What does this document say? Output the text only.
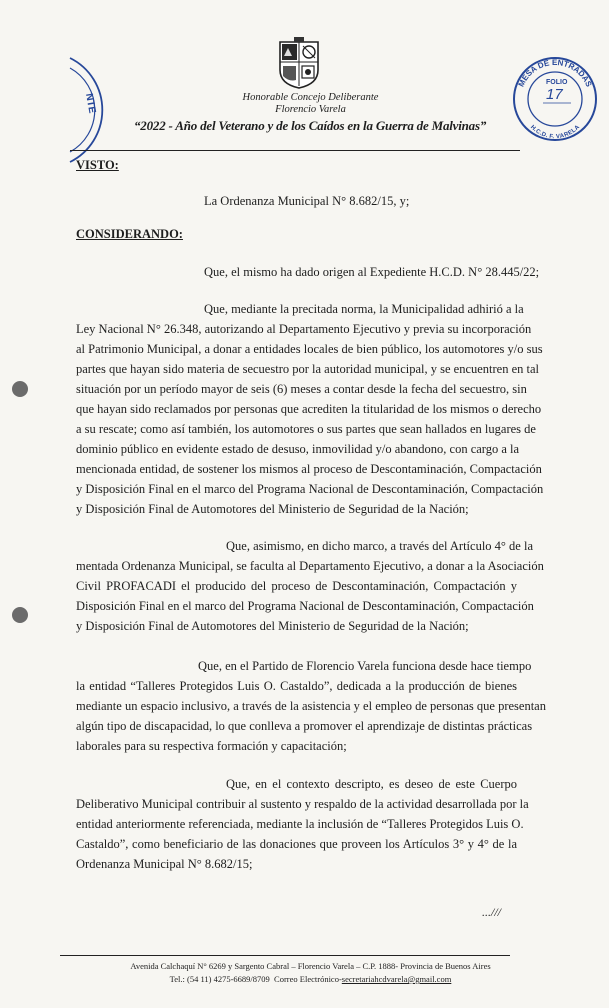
NTE
MESA DE ENTRADAS
H.C.D. F. VARELA
FOLIO
17
Honorable Concejo Deliberante
Florencio Varela
“2022 - Año del Veterano y de los Caídos en la Guerra de Malvinas”
VISTO:
La Ordenanza Municipal N° 8.682/15, y;
CONSIDERANDO:
Que, el mismo ha dado origen al Expediente H.C.D. N° 28.445/22;
Que, mediante la precitada norma, la Municipalidad adhirió a la
Ley Nacional N° 26.348, autorizando al Departamento Ejecutivo y previa su incorporación
al Patrimonio Municipal, a donar a entidades locales de bien público, los automotores y/o sus
partes que hayan sido materia de secuestro por la autoridad municipal, y se encuentren en tal
situación por un período mayor de seis (6) meses a contar desde la fecha del secuestro, sin
que hayan sido reclamados por personas que acrediten la titularidad de los mismos o derecho
a su rescate; como así también, los automotores o sus partes que sean hallados en lugares de
dominio público en evidente estado de desuso, inmovilidad y/o abandono, con cargo a la
mencionada entidad, de sostener los mismos al proceso de Descontaminación, Compactación
y Disposición Final en el marco del Programa Nacional de Descontaminación, Compactación
y Disposición Final de Automotores del Ministerio de Seguridad de la Nación;
Que, asimismo, en dicho marco, a través del Artículo 4° de la
mentada Ordenanza Municipal, se faculta al Departamento Ejecutivo, a donar a la Asociación
Civil PROFACADI el producido del proceso de Descontaminación, Compactación y
Disposición Final en el marco del Programa Nacional de Descontaminación, Compactación
y Disposición Final de Automotores del Ministerio de Seguridad de la Nación;
Que, en el Partido de Florencio Varela funciona desde hace tiempo
la entidad “Talleres Protegidos Luis O. Castaldo”, dedicada a la producción de bienes
mediante un espacio inclusivo, a través de la asistencia y el empleo de personas que presentan
algún tipo de discapacidad, lo que conlleva a promover el aprendizaje de distintas prácticas
laborales para su respectiva formación y capacitación;
Que, en el contexto descripto, es deseo de este Cuerpo
Deliberativo Municipal contribuir al sustento y respaldo de la actividad desarrollada por la
entidad anteriormente referenciada, mediante la inclusión de “Talleres Protegidos Luis O.
Castaldo”, como beneficiario de las donaciones que proveen los Artículos 3° y 4° de la
Ordenanza Municipal N° 8.682/15;
...///
Avenida Calchaquí N° 6269 y Sargento Cabral – Florencio Varela – C.P. 1888- Provincia de Buenos Aires
Tel.: (54 11) 4275-6689/8709 Correo Electrónico-secretariahcdvarela@gmail.com
